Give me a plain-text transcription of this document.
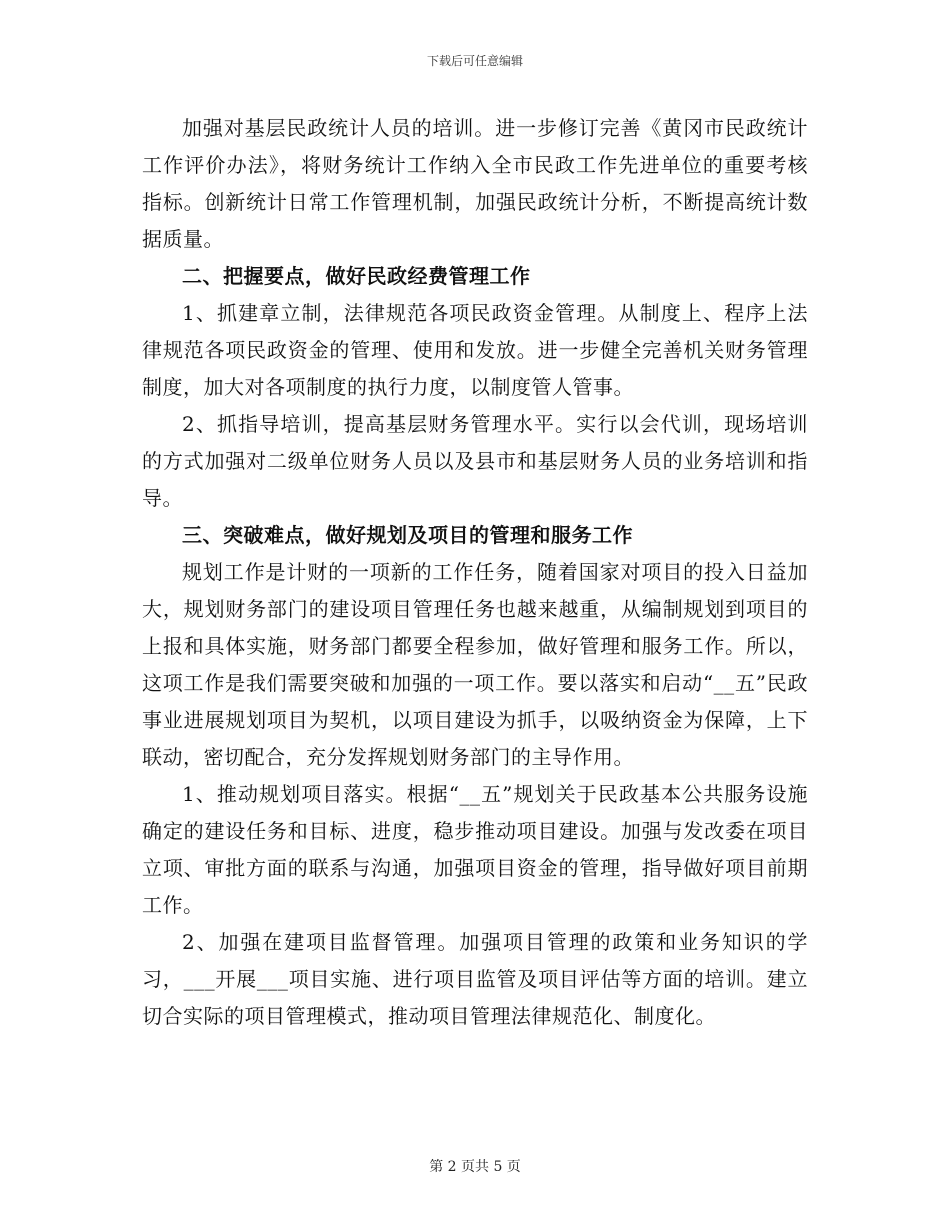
下载后可任意编辑

加强对基层民政统计人员的培训。进一步修订完善《黄冈市民政统计工作评价办法》，将财务统计工作纳入全市民政工作先进单位的重要考核指标。创新统计日常工作管理机制，加强民政统计分析，不断提高统计数据质量。

二、把握要点，做好民政经费管理工作

1、抓建章立制，法律规范各项民政资金管理。从制度上、程序上法律规范各项民政资金的管理、使用和发放。进一步健全完善机关财务管理制度，加大对各项制度的执行力度，以制度管人管事。

2、抓指导培训，提高基层财务管理水平。实行以会代训，现场培训的方式加强对二级单位财务人员以及县市和基层财务人员的业务培训和指导。

三、突破难点，做好规划及项目的管理和服务工作

规划工作是计财的一项新的工作任务，随着国家对项目的投入日益加大，规划财务部门的建设项目管理任务也越来越重，从编制规划到项目的上报和具体实施，财务部门都要全程参加，做好管理和服务工作。所以，这项工作是我们需要突破和加强的一项工作。要以落实和启动“__五”民政事业进展规划项目为契机，以项目建设为抓手，以吸纳资金为保障，上下联动，密切配合，充分发挥规划财务部门的主导作用。

1、推动规划项目落实。根据“__五”规划关于民政基本公共服务设施确定的建设任务和目标、进度，稳步推动项目建设。加强与发改委在项目立项、审批方面的联系与沟通，加强项目资金的管理，指导做好项目前期工作。

2、加强在建项目监督管理。加强项目管理的政策和业务知识的学习，___开展___项目实施、进行项目监管及项目评估等方面的培训。建立切合实际的项目管理模式，推动项目管理法律规范化、制度化。

第 2 页共 5 页
